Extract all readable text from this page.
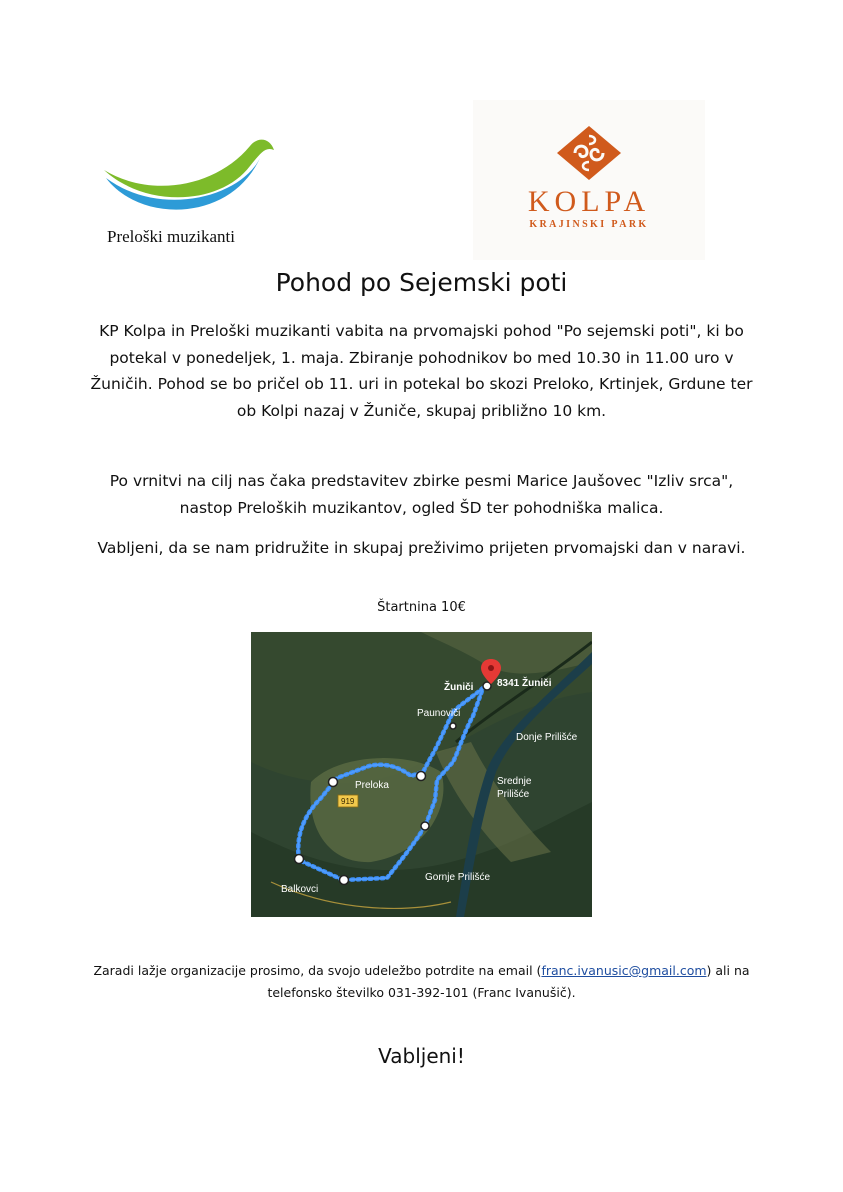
Preloški muzikanti
KOLPA
KRAJINSKI PARK
Pohod po Sejemski poti
KP Kolpa in Preloški muzikanti vabita na prvomajski pohod "Po sejemski poti", ki bo potekal v ponedeljek, 1. maja. Zbiranje pohodnikov bo med 10.30 in 11.00 uro v Žuničih. Pohod se bo pričel ob 11. uri in potekal bo skozi Preloko, Krtinjek, Grdune ter ob Kolpi nazaj v Žuniče, skupaj približno 10 km.
Po vrnitvi na cilj nas čaka predstavitev zbirke pesmi Marice Jaušovec "Izliv srca", nastop Preloških muzikantov, ogled ŠD ter pohodniška malica.
Vabljeni, da se nam pridružite in skupaj preživimo prijeten prvomajski dan v naravi.
Štartnina 10€
Žuniči 8341 Žuniči
Paunoviči
Donje Prilišće
Srednje
Prilišće
Preloka
919
Gornje Prilišće
Balkovci
Zaradi lažje organizacije prosimo, da svojo udeležbo potrdite na email (franc.ivanusic@gmail.com) ali na telefonsko številko 031-392-101 (Franc Ivanušič).
Vabljeni!
